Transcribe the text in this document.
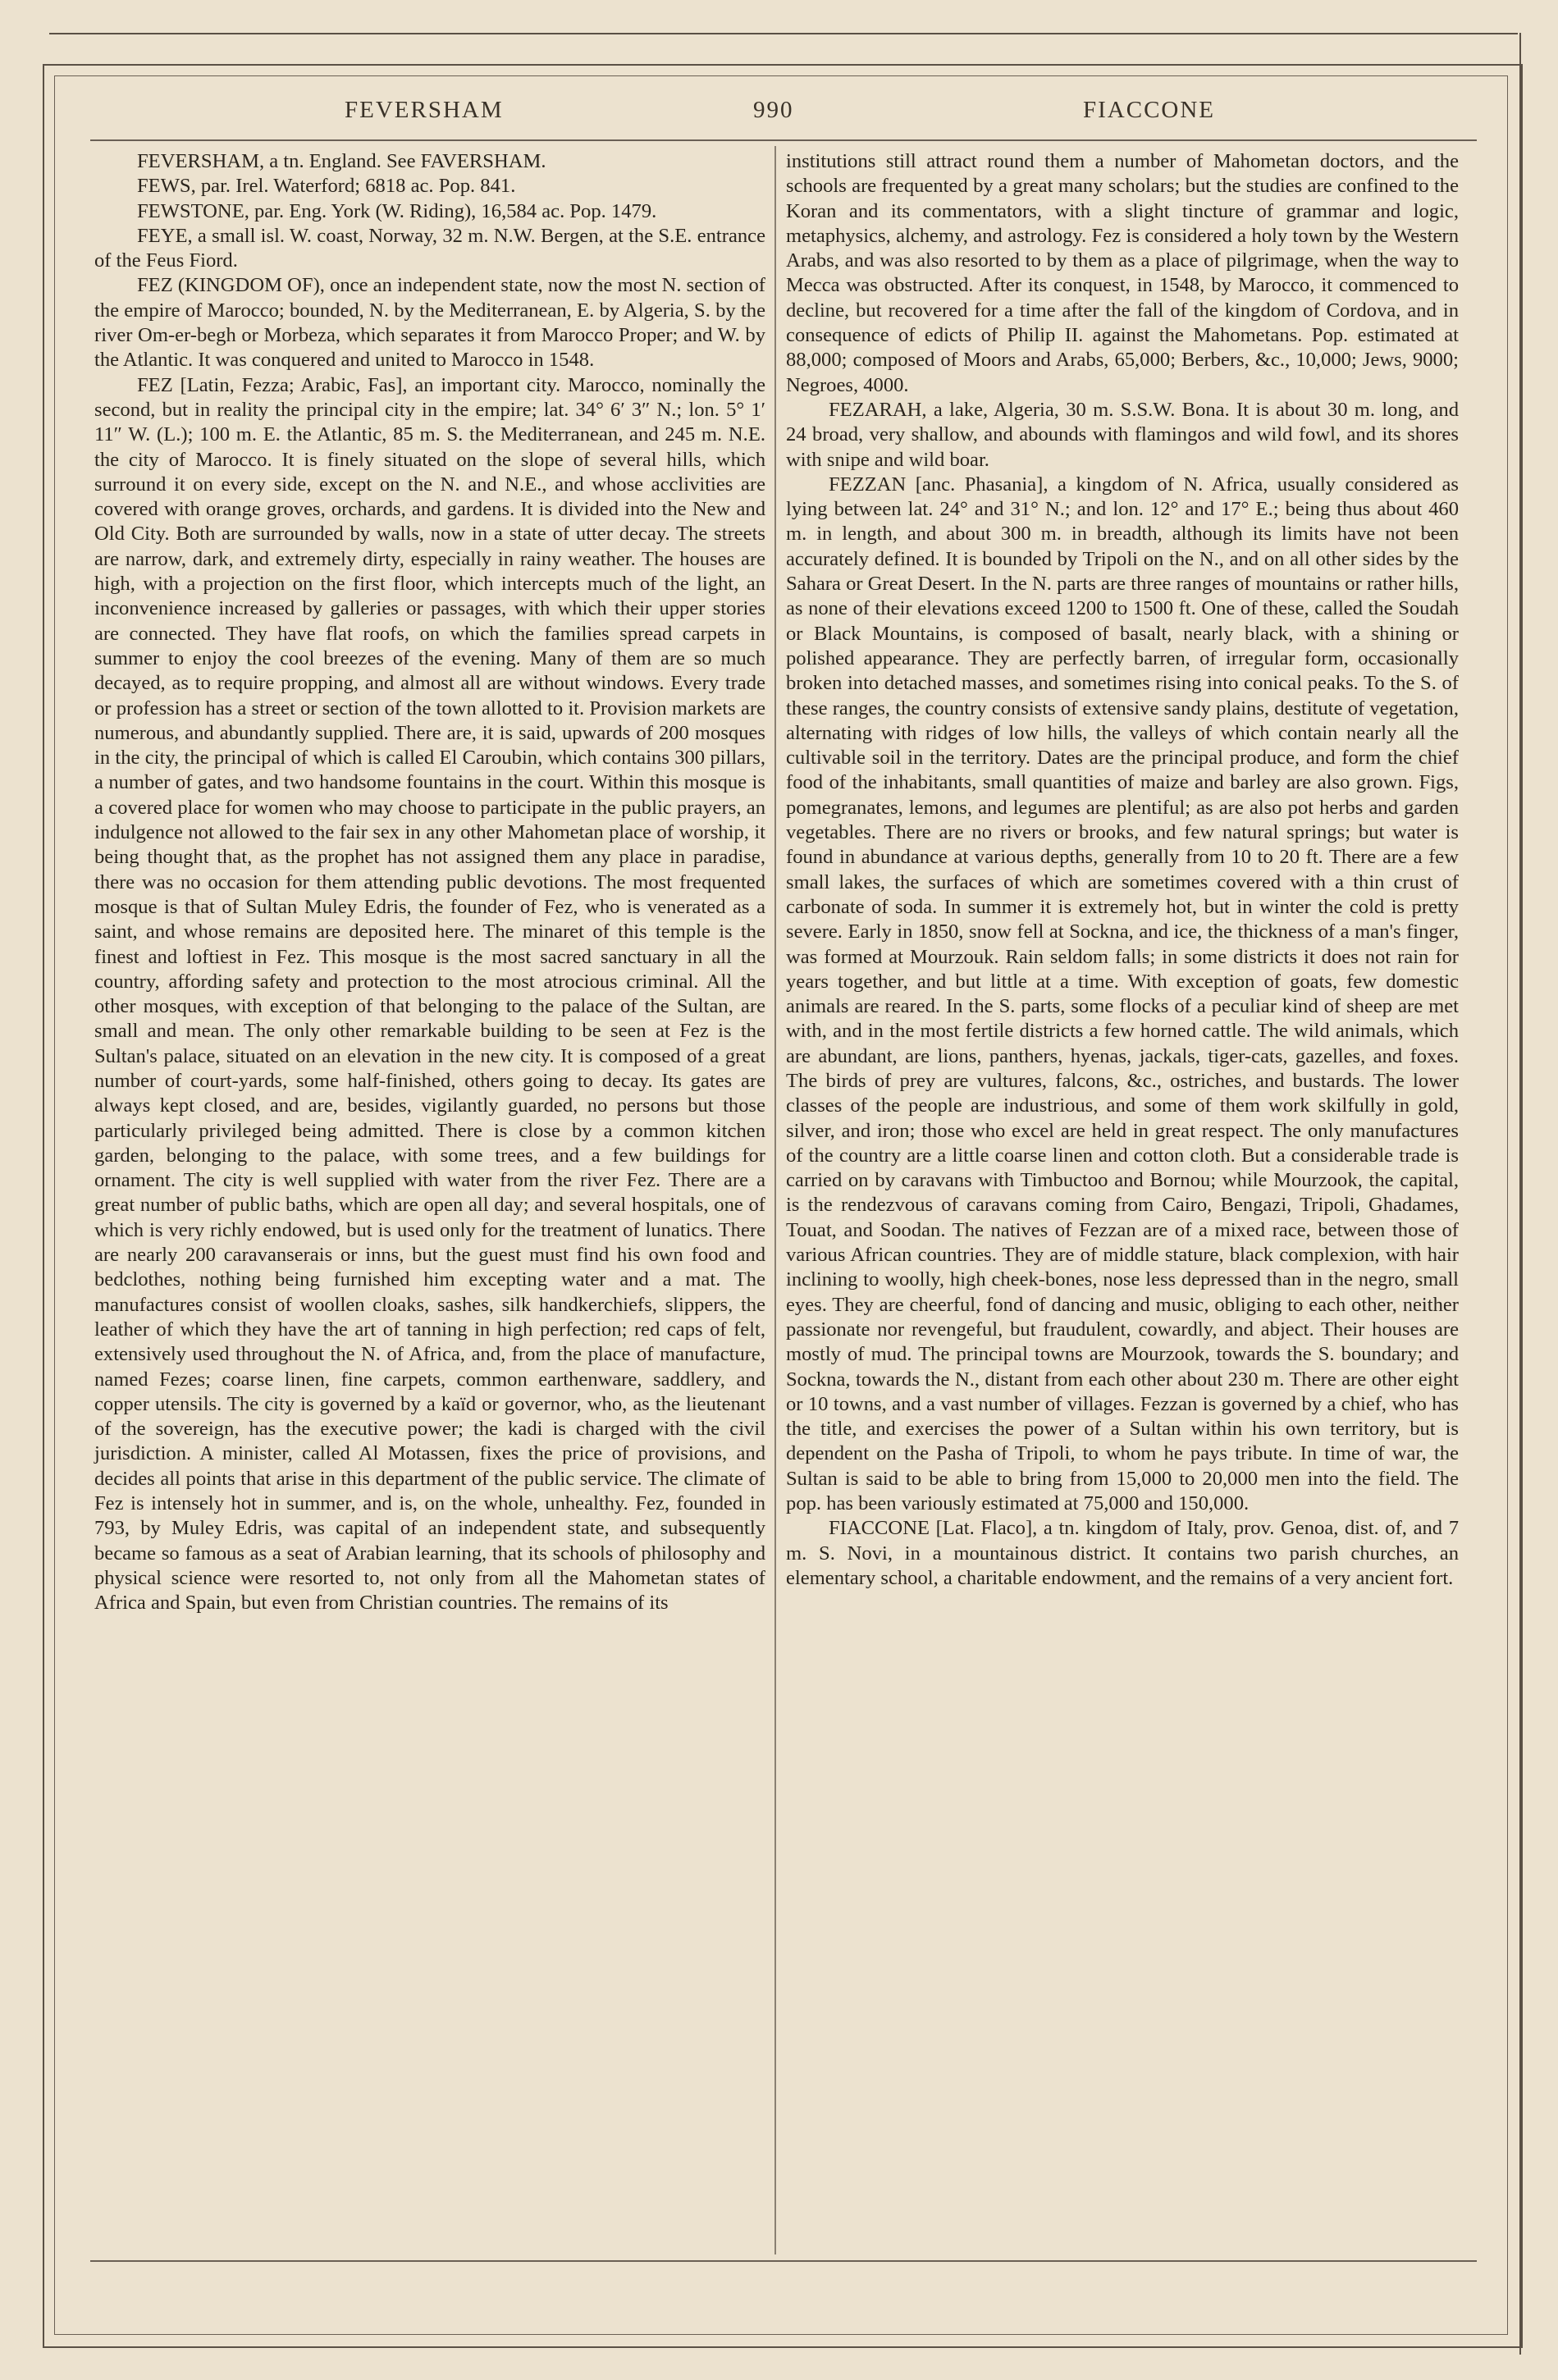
FEVERSHAM	990	FIACCONE

FEVERSHAM, a tn. England. See FAVERSHAM.

FEWS, par. Irel. Waterford; 6818 ac. Pop. 841.

FEWSTONE, par. Eng. York (W. Riding), 16,584 ac. Pop. 1479.

FEYE, a small isl. W. coast, Norway, 32 m. N.W. Bergen, at the S.E. entrance of the Feus Fiord.

FEZ (KINGDOM OF), once an independent state, now the most N. section of the empire of Marocco; bounded, N. by the Mediterranean, E. by Algeria, S. by the river Om-er-begh or Morbeza, which separates it from Marocco Proper; and W. by the Atlantic. It was conquered and united to Marocco in 1548.

FEZ [Latin, Fezza; Arabic, Fas], an important city. Marocco, nominally the second, but in reality the principal city in the empire; lat. 34° 6′ 3″ N.; lon. 5° 1′ 11″ W. (L.); 100 m. E. the Atlantic, 85 m. S. the Mediterranean, and 245 m. N.E. the city of Marocco. It is finely situated on the slope of several hills, which surround it on every side, except on the N. and N.E., and whose acclivities are covered with orange groves, orchards, and gardens. It is divided into the New and Old City. Both are surrounded by walls, now in a state of utter decay. The streets are narrow, dark, and extremely dirty, especially in rainy weather. The houses are high, with a projection on the first floor, which intercepts much of the light, an inconvenience increased by galleries or passages, with which their upper stories are connected. They have flat roofs, on which the families spread carpets in summer to enjoy the cool breezes of the evening. Many of them are so much decayed, as to require propping, and almost all are without windows. Every trade or profession has a street or section of the town allotted to it. Provision markets are numerous, and abundantly supplied. There are, it is said, upwards of 200 mosques in the city, the principal of which is called El Caroubin, which contains 300 pillars, a number of gates, and two handsome fountains in the court. Within this mosque is a covered place for women who may choose to participate in the public prayers, an indulgence not allowed to the fair sex in any other Mahometan place of worship, it being thought that, as the prophet has not assigned them any place in paradise, there was no occasion for them attending public devotions. The most frequented mosque is that of Sultan Muley Edris, the founder of Fez, who is venerated as a saint, and whose remains are deposited here. The minaret of this temple is the finest and loftiest in Fez. This mosque is the most sacred sanctuary in all the country, affording safety and protection to the most atrocious criminal. All the other mosques, with exception of that belonging to the palace of the Sultan, are small and mean. The only other remarkable building to be seen at Fez is the Sultan's palace, situated on an elevation in the new city. It is composed of a great number of court-yards, some half-finished, others going to decay. Its gates are always kept closed, and are, besides, vigilantly guarded, no persons but those particularly privileged being admitted. There is close by a common kitchen garden, belonging to the palace, with some trees, and a few buildings for ornament. The city is well supplied with water from the river Fez. There are a great number of public baths, which are open all day; and several hospitals, one of which is very richly endowed, but is used only for the treatment of lunatics. There are nearly 200 caravanserais or inns, but the guest must find his own food and bedclothes, nothing being furnished him excepting water and a mat. The manufactures consist of woollen cloaks, sashes, silk handkerchiefs, slippers, the leather of which they have the art of tanning in high perfection; red caps of felt, extensively used throughout the N. of Africa, and, from the place of manufacture, named Fezes; coarse linen, fine carpets, common earthenware, saddlery, and copper utensils. The city is governed by a kaïd or governor, who, as the lieutenant of the sovereign, has the executive power; the kadi is charged with the civil jurisdiction. A minister, called Al Motassen, fixes the price of provisions, and decides all points that arise in this department of the public service. The climate of Fez is intensely hot in summer, and is, on the whole, unhealthy. Fez, founded in 793, by Muley Edris, was capital of an independent state, and subsequently became so famous as a seat of Arabian learning, that its schools of philosophy and physical science were resorted to, not only from all the Mahometan states of Africa and Spain, but even from Christian countries. The remains of its

institutions still attract round them a number of Mahometan doctors, and the schools are frequented by a great many scholars; but the studies are confined to the Koran and its commentators, with a slight tincture of grammar and logic, metaphysics, alchemy, and astrology. Fez is considered a holy town by the Western Arabs, and was also resorted to by them as a place of pilgrimage, when the way to Mecca was obstructed. After its conquest, in 1548, by Marocco, it commenced to decline, but recovered for a time after the fall of the kingdom of Cordova, and in consequence of edicts of Philip II. against the Mahometans. Pop. estimated at 88,000; composed of Moors and Arabs, 65,000; Berbers, &c., 10,000; Jews, 9000; Negroes, 4000.

FEZARAH, a lake, Algeria, 30 m. S.S.W. Bona. It is about 30 m. long, and 24 broad, very shallow, and abounds with flamingos and wild fowl, and its shores with snipe and wild boar.

FEZZAN [anc. Phasania], a kingdom of N. Africa, usually considered as lying between lat. 24° and 31° N.; and lon. 12° and 17° E.; being thus about 460 m. in length, and about 300 m. in breadth, although its limits have not been accurately defined. It is bounded by Tripoli on the N., and on all other sides by the Sahara or Great Desert. In the N. parts are three ranges of mountains or rather hills, as none of their elevations exceed 1200 to 1500 ft. One of these, called the Soudah or Black Mountains, is composed of basalt, nearly black, with a shining or polished appearance. They are perfectly barren, of irregular form, occasionally broken into detached masses, and sometimes rising into conical peaks. To the S. of these ranges, the country consists of extensive sandy plains, destitute of vegetation, alternating with ridges of low hills, the valleys of which contain nearly all the cultivable soil in the territory. Dates are the principal produce, and form the chief food of the inhabitants, small quantities of maize and barley are also grown. Figs, pomegranates, lemons, and legumes are plentiful; as are also pot herbs and garden vegetables. There are no rivers or brooks, and few natural springs; but water is found in abundance at various depths, generally from 10 to 20 ft. There are a few small lakes, the surfaces of which are sometimes covered with a thin crust of carbonate of soda. In summer it is extremely hot, but in winter the cold is pretty severe. Early in 1850, snow fell at Sockna, and ice, the thickness of a man's finger, was formed at Mourzouk. Rain seldom falls; in some districts it does not rain for years together, and but little at a time. With exception of goats, few domestic animals are reared. In the S. parts, some flocks of a peculiar kind of sheep are met with, and in the most fertile districts a few horned cattle. The wild animals, which are abundant, are lions, panthers, hyenas, jackals, tiger-cats, gazelles, and foxes. The birds of prey are vultures, falcons, &c., ostriches, and bustards. The lower classes of the people are industrious, and some of them work skilfully in gold, silver, and iron; those who excel are held in great respect. The only manufactures of the country are a little coarse linen and cotton cloth. But a considerable trade is carried on by caravans with Timbuctoo and Bornou; while Mourzook, the capital, is the rendezvous of caravans coming from Cairo, Bengazi, Tripoli, Ghadames, Touat, and Soodan. The natives of Fezzan are of a mixed race, between those of various African countries. They are of middle stature, black complexion, with hair inclining to woolly, high cheek-bones, nose less depressed than in the negro, small eyes. They are cheerful, fond of dancing and music, obliging to each other, neither passionate nor revengeful, but fraudulent, cowardly, and abject. Their houses are mostly of mud. The principal towns are Mourzook, towards the S. boundary; and Sockna, towards the N., distant from each other about 230 m. There are other eight or 10 towns, and a vast number of villages. Fezzan is governed by a chief, who has the title, and exercises the power of a Sultan within his own territory, but is dependent on the Pasha of Tripoli, to whom he pays tribute. In time of war, the Sultan is said to be able to bring from 15,000 to 20,000 men into the field. The pop. has been variously estimated at 75,000 and 150,000.

FIACCONE [Lat. Flaco], a tn. kingdom of Italy, prov. Genoa, dist. of, and 7 m. S. Novi, in a mountainous district. It contains two parish churches, an elementary school, a charitable endowment, and the remains of a very ancient fort.
